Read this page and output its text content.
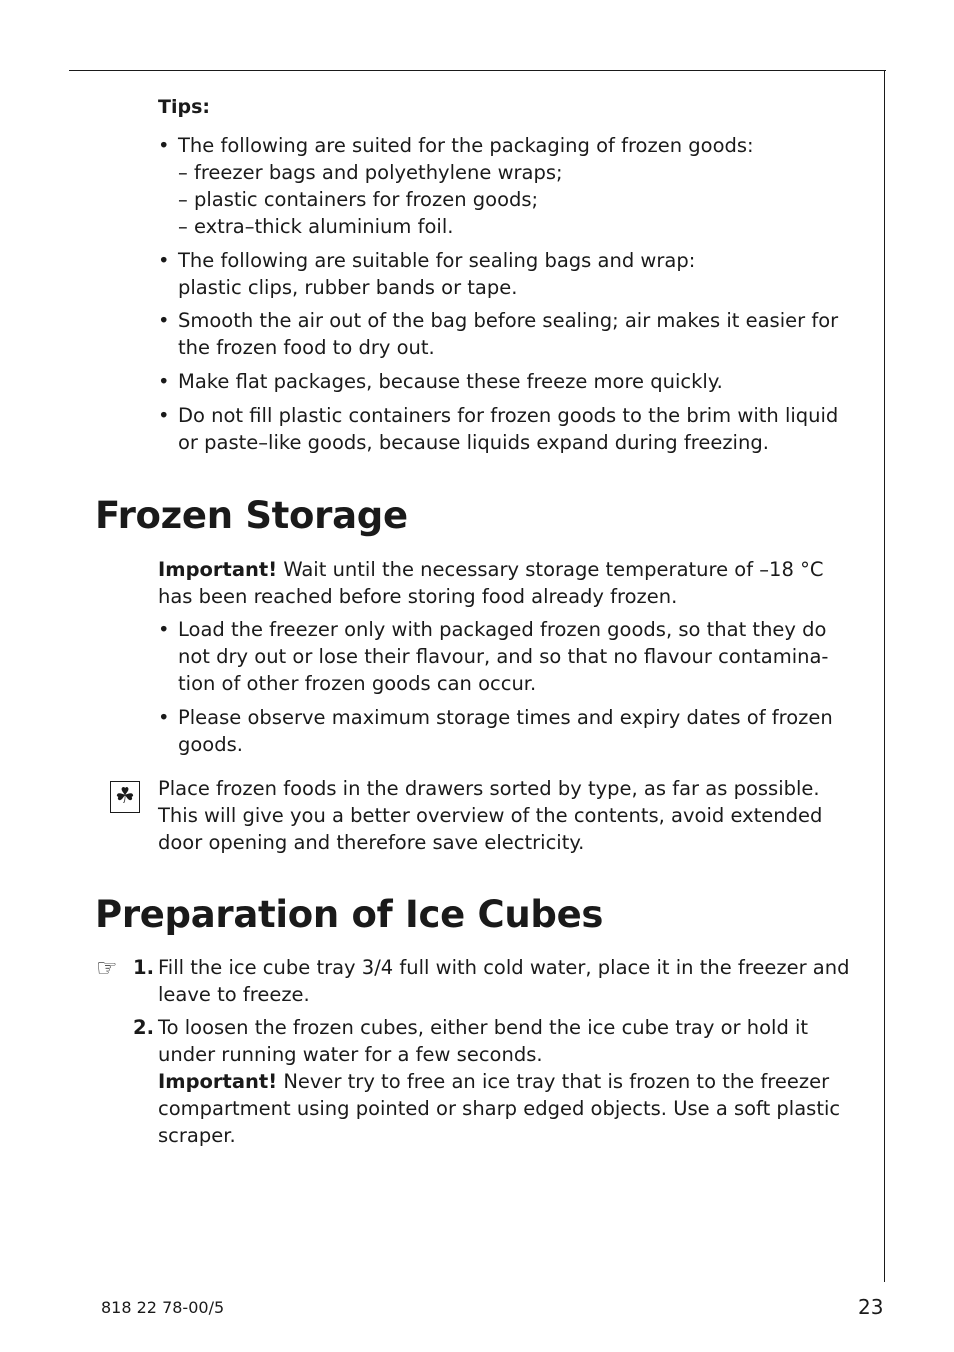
Tips:
• The following are suited for the packaging of frozen goods:
– freezer bags and polyethylene wraps;
– plastic containers for frozen goods;
– extra–thick aluminium foil.
• The following are suitable for sealing bags and wrap:
plastic clips, rubber bands or tape.
• Smooth the air out of the bag before sealing; air makes it easier for the frozen food to dry out.
• Make flat packages, because these freeze more quickly.
• Do not fill plastic containers for frozen goods to the brim with liquid or paste–like goods, because liquids expand during freezing.
Frozen Storage
Important! Wait until the necessary storage temperature of –18 °C has been reached before storing food already frozen.
• Load the freezer only with packaged frozen goods, so that they do not dry out or lose their flavour, and so that no flavour contamina- tion of other frozen goods can occur.
• Please observe maximum storage times and expiry dates of frozen goods.
☘ Place frozen foods in the drawers sorted by type, as far as possible. This will give you a better overview of the contents, avoid extended door opening and therefore save electricity.
Preparation of Ice Cubes
☞ 1. Fill the ice cube tray 3/4 full with cold water, place it in the freezer and leave to freeze.
2. To loosen the frozen cubes, either bend the ice cube tray or hold it under running water for a few seconds.
Important! Never try to free an ice tray that is frozen to the freezer compartment using pointed or sharp edged objects. Use a soft plastic scraper.
818 22 78-00/5	23
